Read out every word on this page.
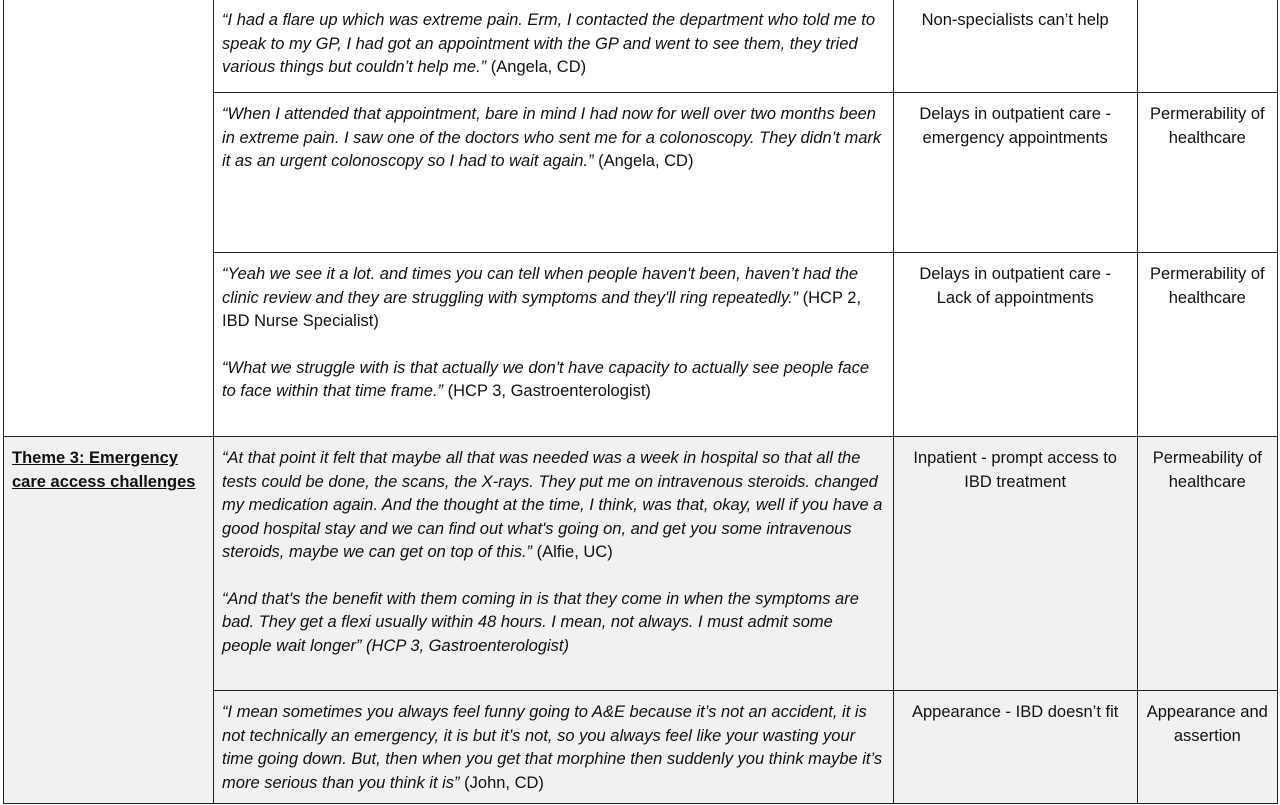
	“I had a flare up which was extreme pain. Erm, I contacted the department who told me to speak to my GP, I had got an appointment with the GP and went to see them, they tried various things but couldn’t help me.” (Angela, CD)	Non-specialists can’t help	

	“When I attended that appointment, bare in mind I had now for well over two months been in extreme pain. I saw one of the doctors who sent me for a colonoscopy. They didn’t mark it as an urgent colonoscopy so I had to wait again.” (Angela, CD)	Delays in outpatient care - emergency appointments	Permerability of healthcare

	“Yeah we see it a lot. and times you can tell when people haven't been, haven’t had the clinic review and they are struggling with symptoms and they'll ring repeatedly.” (HCP 2, IBD Nurse Specialist)

“What we struggle with is that actually we don't have capacity to actually see people face to face within that time frame.” (HCP 3, Gastroenterologist)	Delays in outpatient care - Lack of appointments	Permerability of healthcare

Theme 3: Emergency care access challenges	“At that point it felt that maybe all that was needed was a week in hospital so that all the tests could be done, the scans, the X-rays. They put me on intravenous steroids. changed my medication again. And the thought at the time, I think, was that, okay, well if you have a good hospital stay and we can find out what's going on, and get you some intravenous steroids, maybe we can get on top of this.” (Alfie, UC)

“And that's the benefit with them coming in is that they come in when the symptoms are bad. They get a flexi usually within 48 hours. I mean, not always. I must admit some people wait longer” (HCP 3, Gastroenterologist)	Inpatient - prompt access to IBD treatment	Permeability of healthcare

	“I mean sometimes you always feel funny going to A&E because it’s not an accident, it is not technically an emergency, it is but it’s not, so you always feel like your wasting your time going down. But, then when you get that morphine then suddenly you think maybe it’s more serious than you think it is” (John, CD)	Appearance - IBD doesn’t fit	Appearance and assertion
